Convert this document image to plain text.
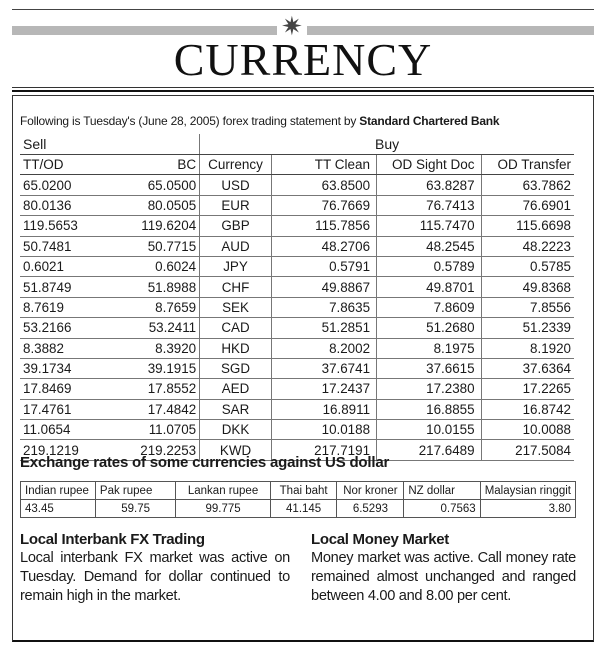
✷
CURRENCY
Following is Tuesday's (June 28, 2005) forex trading statement by Standard Chartered Bank
Sell		Buy			
TT/OD	BC	Currency	TT Clean	OD Sight Doc	OD Transfer
65.0200	65.0500	USD	63.8500	63.8287	63.7862
80.0136	80.0505	EUR	76.7669	76.7413	76.6901
119.5653	119.6204	GBP	115.7856	115.7470	115.6698
50.7481	50.7715	AUD	48.2706	48.2545	48.2223
0.6021	0.6024	JPY	0.5791	0.5789	0.5785
51.8749	51.8988	CHF	49.8867	49.8701	49.8368
8.7619	8.7659	SEK	7.8635	7.8609	7.8556
53.2166	53.2411	CAD	51.2851	51.2680	51.2339
8.3882	8.3920	HKD	8.2002	8.1975	8.1920
39.1734	39.1915	SGD	37.6741	37.6615	37.6364
17.8469	17.8552	AED	17.2437	17.2380	17.2265
17.4761	17.4842	SAR	16.8911	16.8855	16.8742
11.0654	11.0705	DKK	10.0188	10.0155	10.0088
219.1219	219.2253	KWD	217.7191	217.6489	217.5084
Exchange rates of some currencies against US dollar
Indian rupee	Pak rupee	Lankan rupee	Thai baht	Nor kroner	NZ dollar	Malaysian ringgit
43.45	59.75	99.775	41.145	6.5293	0.7563	3.80
Local Interbank FX Trading
Local interbank FX market was active on Tuesday. Demand for dollar continued to remain high in the market.
Local Money Market
Money market was active. Call money rate remained almost unchanged and ranged between 4.00 and 8.00 per cent.
